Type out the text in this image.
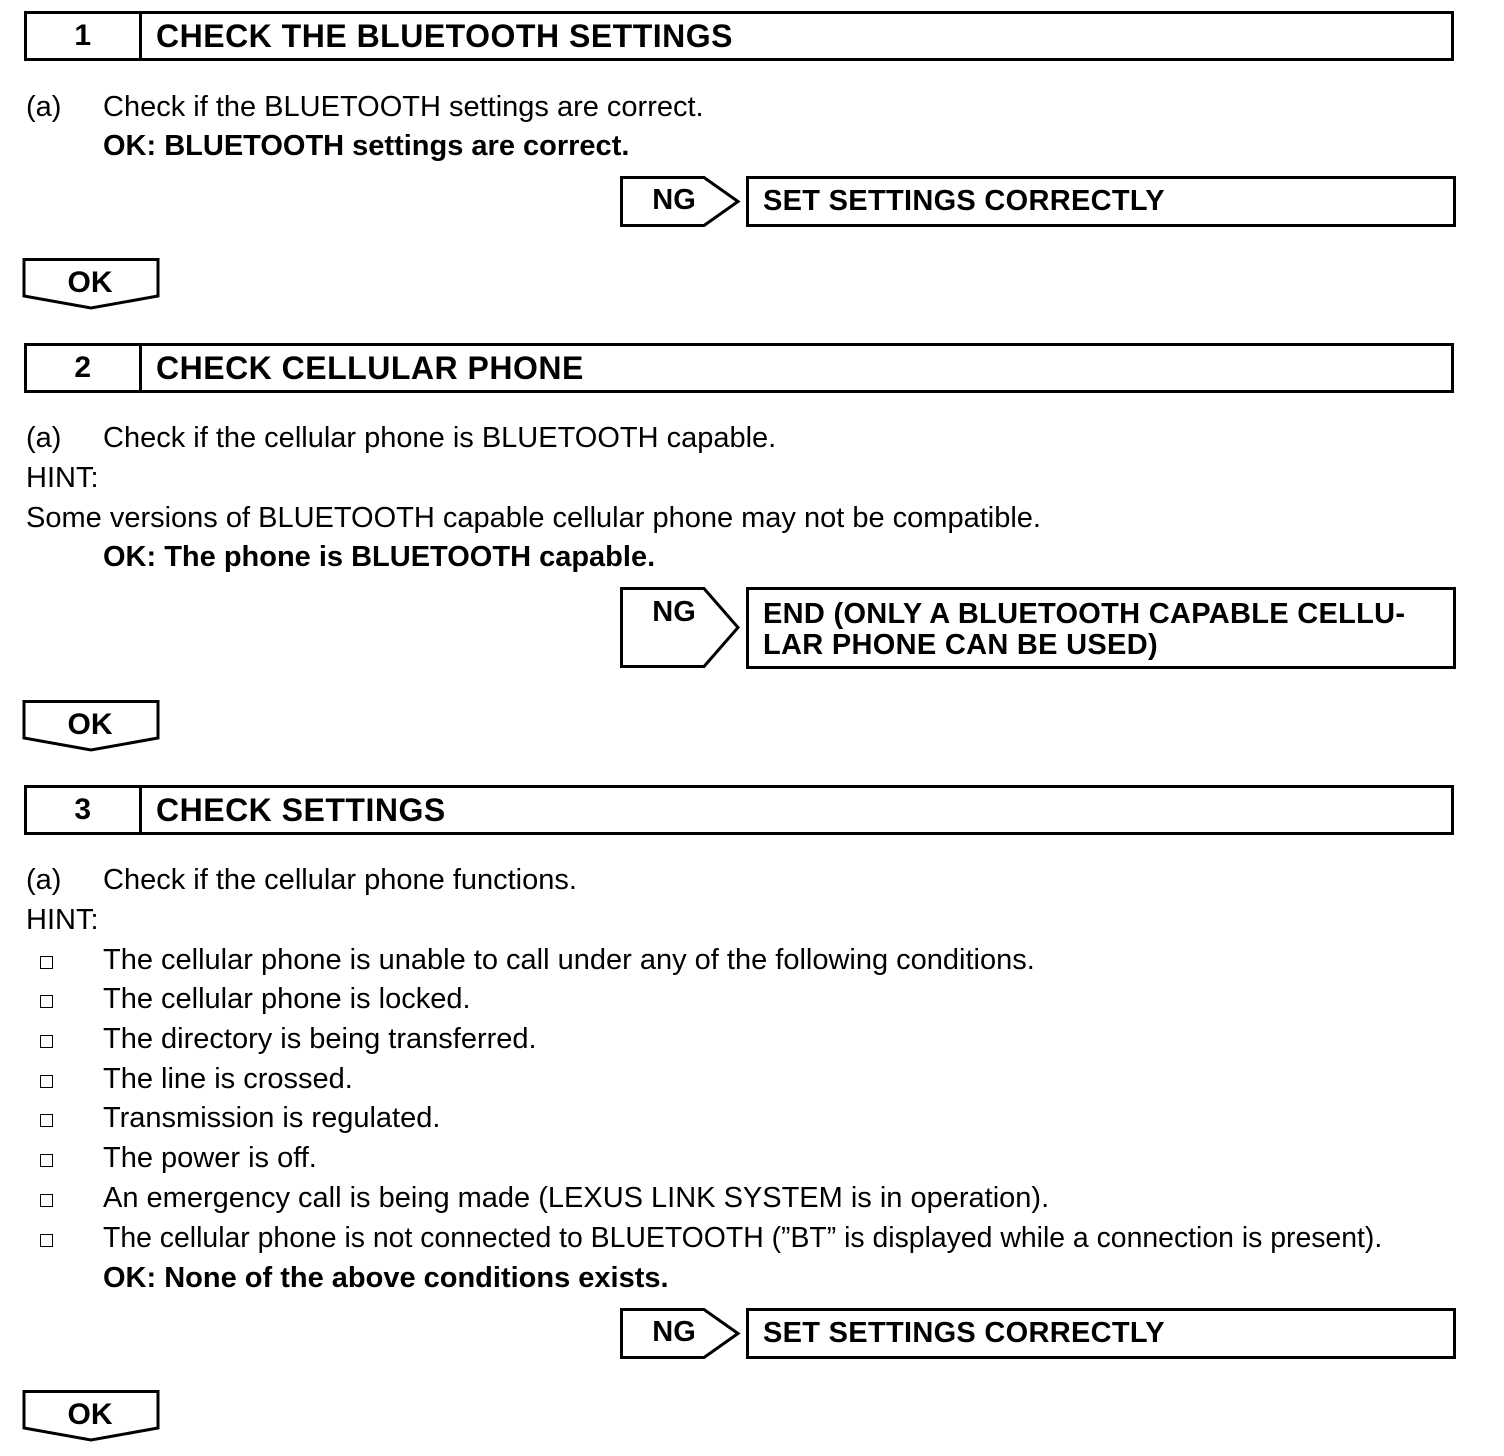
1	CHECK THE BLUETOOTH SETTINGS
(a) Check if the BLUETOOTH settings are correct.
OK: BLUETOOTH settings are correct.
NG	SET SETTINGS CORRECTLY
OK
2	CHECK CELLULAR PHONE
(a) Check if the cellular phone is BLUETOOTH capable.
HINT:
Some versions of BLUETOOTH capable cellular phone may not be compatible.
OK: The phone is BLUETOOTH capable.
NG	END (ONLY A BLUETOOTH CAPABLE CELLU-
LAR PHONE CAN BE USED)
OK
3	CHECK SETTINGS
(a) Check if the cellular phone functions.
HINT:
The cellular phone is unable to call under any of the following conditions.
The cellular phone is locked.
The directory is being transferred.
The line is crossed.
Transmission is regulated.
The power is off.
An emergency call is being made (LEXUS LINK SYSTEM is in operation).
The cellular phone is not connected to BLUETOOTH (”BT” is displayed while a connection is present).
OK: None of the above conditions exists.
NG	SET SETTINGS CORRECTLY
OK
